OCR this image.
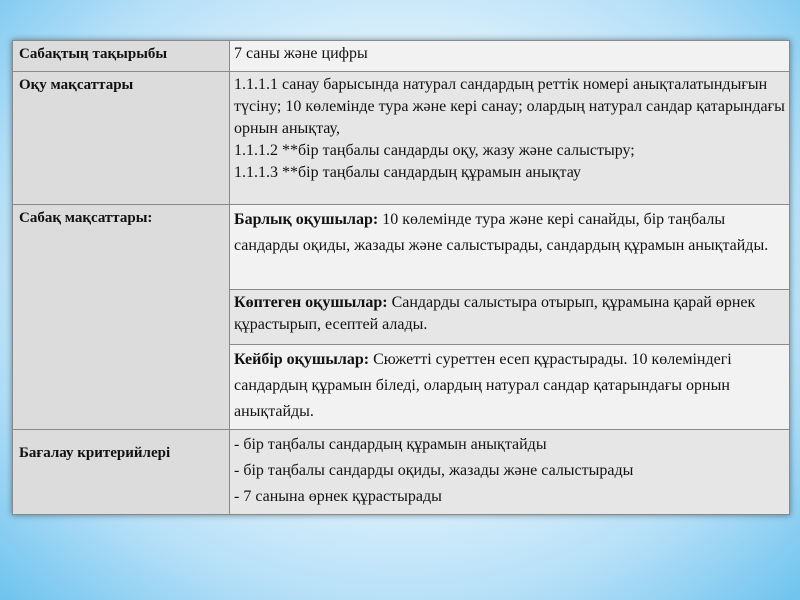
Сабақтың тақырыбы	7 саны және цифры
Оқу мақсаттары	1.1.1.1 санау барысында натурал сандардың реттік номері анықталатындығын түсіну; 10 көлемінде тура және кері санау; олардың натурал сандар қатарындағы орнын анықтау,
1.1.1.2 **бір таңбалы сандарды оқу, жазу және салыстыру;
1.1.1.3 **бір таңбалы сандардың құрамын анықтау

Сабақ мақсаттары:	Барлық оқушылар: 10 көлемінде тура және кері санайды, бір таңбалы сандарды оқиды, жазады және салыстырады, сандардың құрамын анықтайды.
	Көптеген оқушылар: Сандарды салыстыра отырып, құрамына қарай өрнек құрастырып, есептей алады.
	Кейбір оқушылар: Сюжетті суреттен есеп құрастырады. 10 көлеміндегі сандардың құрамын біледі, олардың натурал сандар қатарындағы орнын анықтайды.
Бағалау критерийлері	- бір таңбалы сандардың құрамын анықтайды
- бір таңбалы сандарды оқиды, жазады және салыстырады
- 7 санына өрнек құрастырады
